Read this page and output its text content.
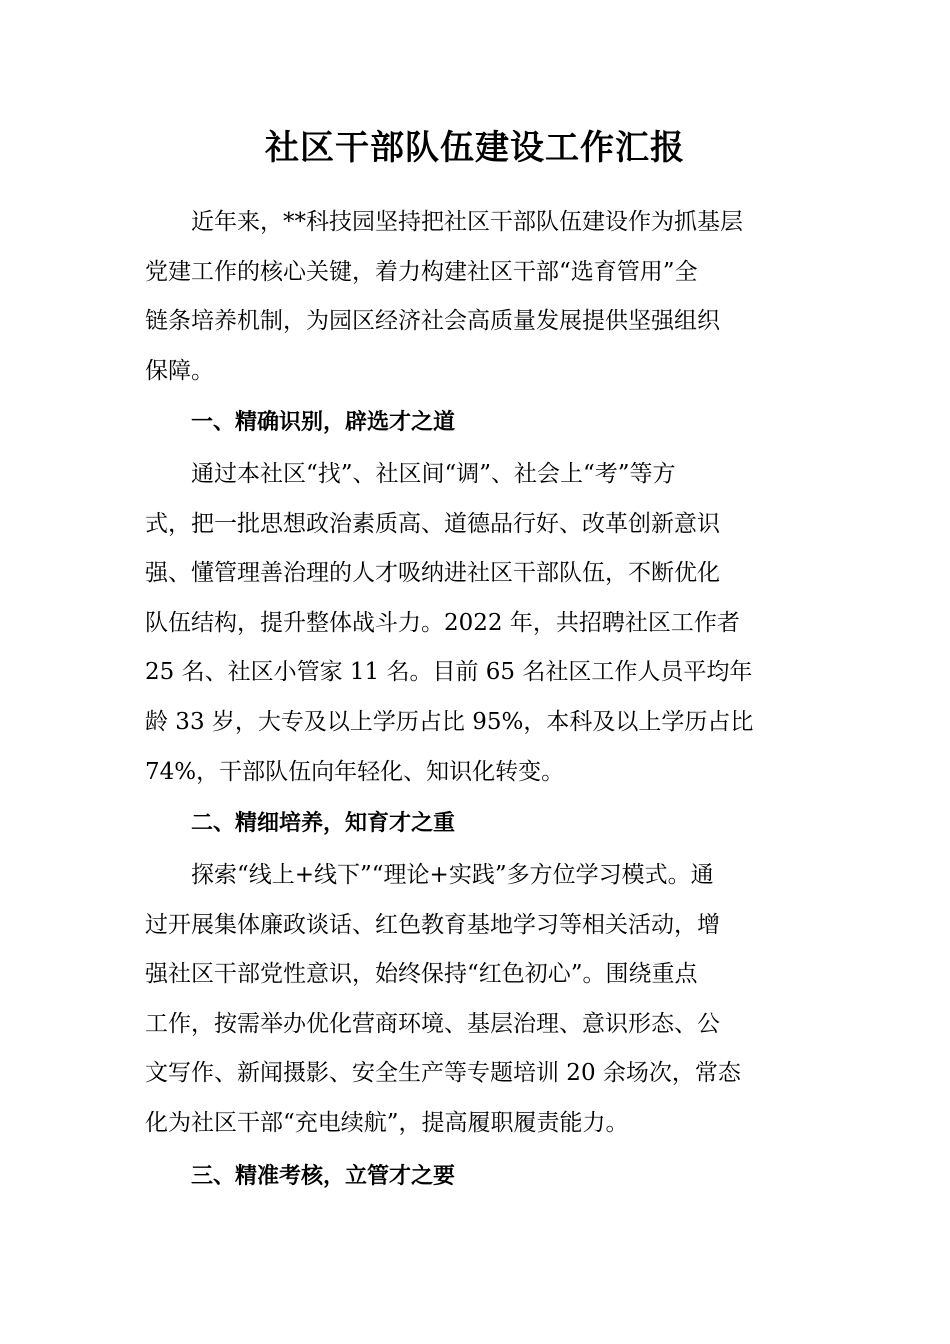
社区干部队伍建设工作汇报

近年来，**科技园坚持把社区干部队伍建设作为抓基层
党建工作的核心关键，着力构建社区干部“选育管用”全
链条培养机制，为园区经济社会高质量发展提供坚强组织
保障。

一、精确识别，辟选才之道

通过本社区“找”、社区间“调”、社会上“考”等方
式，把一批思想政治素质高、道德品行好、改革创新意识
强、懂管理善治理的人才吸纳进社区干部队伍，不断优化
队伍结构，提升整体战斗力。2022 年，共招聘社区工作者
25 名、社区小管家 11 名。目前 65 名社区工作人员平均年
龄 33 岁，大专及以上学历占比 95%，本科及以上学历占比
74%，干部队伍向年轻化、知识化转变。

二、精细培养，知育才之重

探索“线上+线下”“理论+实践”多方位学习模式。通
过开展集体廉政谈话、红色教育基地学习等相关活动，增
强社区干部党性意识，始终保持“红色初心”。围绕重点
工作，按需举办优化营商环境、基层治理、意识形态、公
文写作、新闻摄影、安全生产等专题培训 20 余场次，常态
化为社区干部“充电续航”，提高履职履责能力。

三、精准考核，立管才之要
